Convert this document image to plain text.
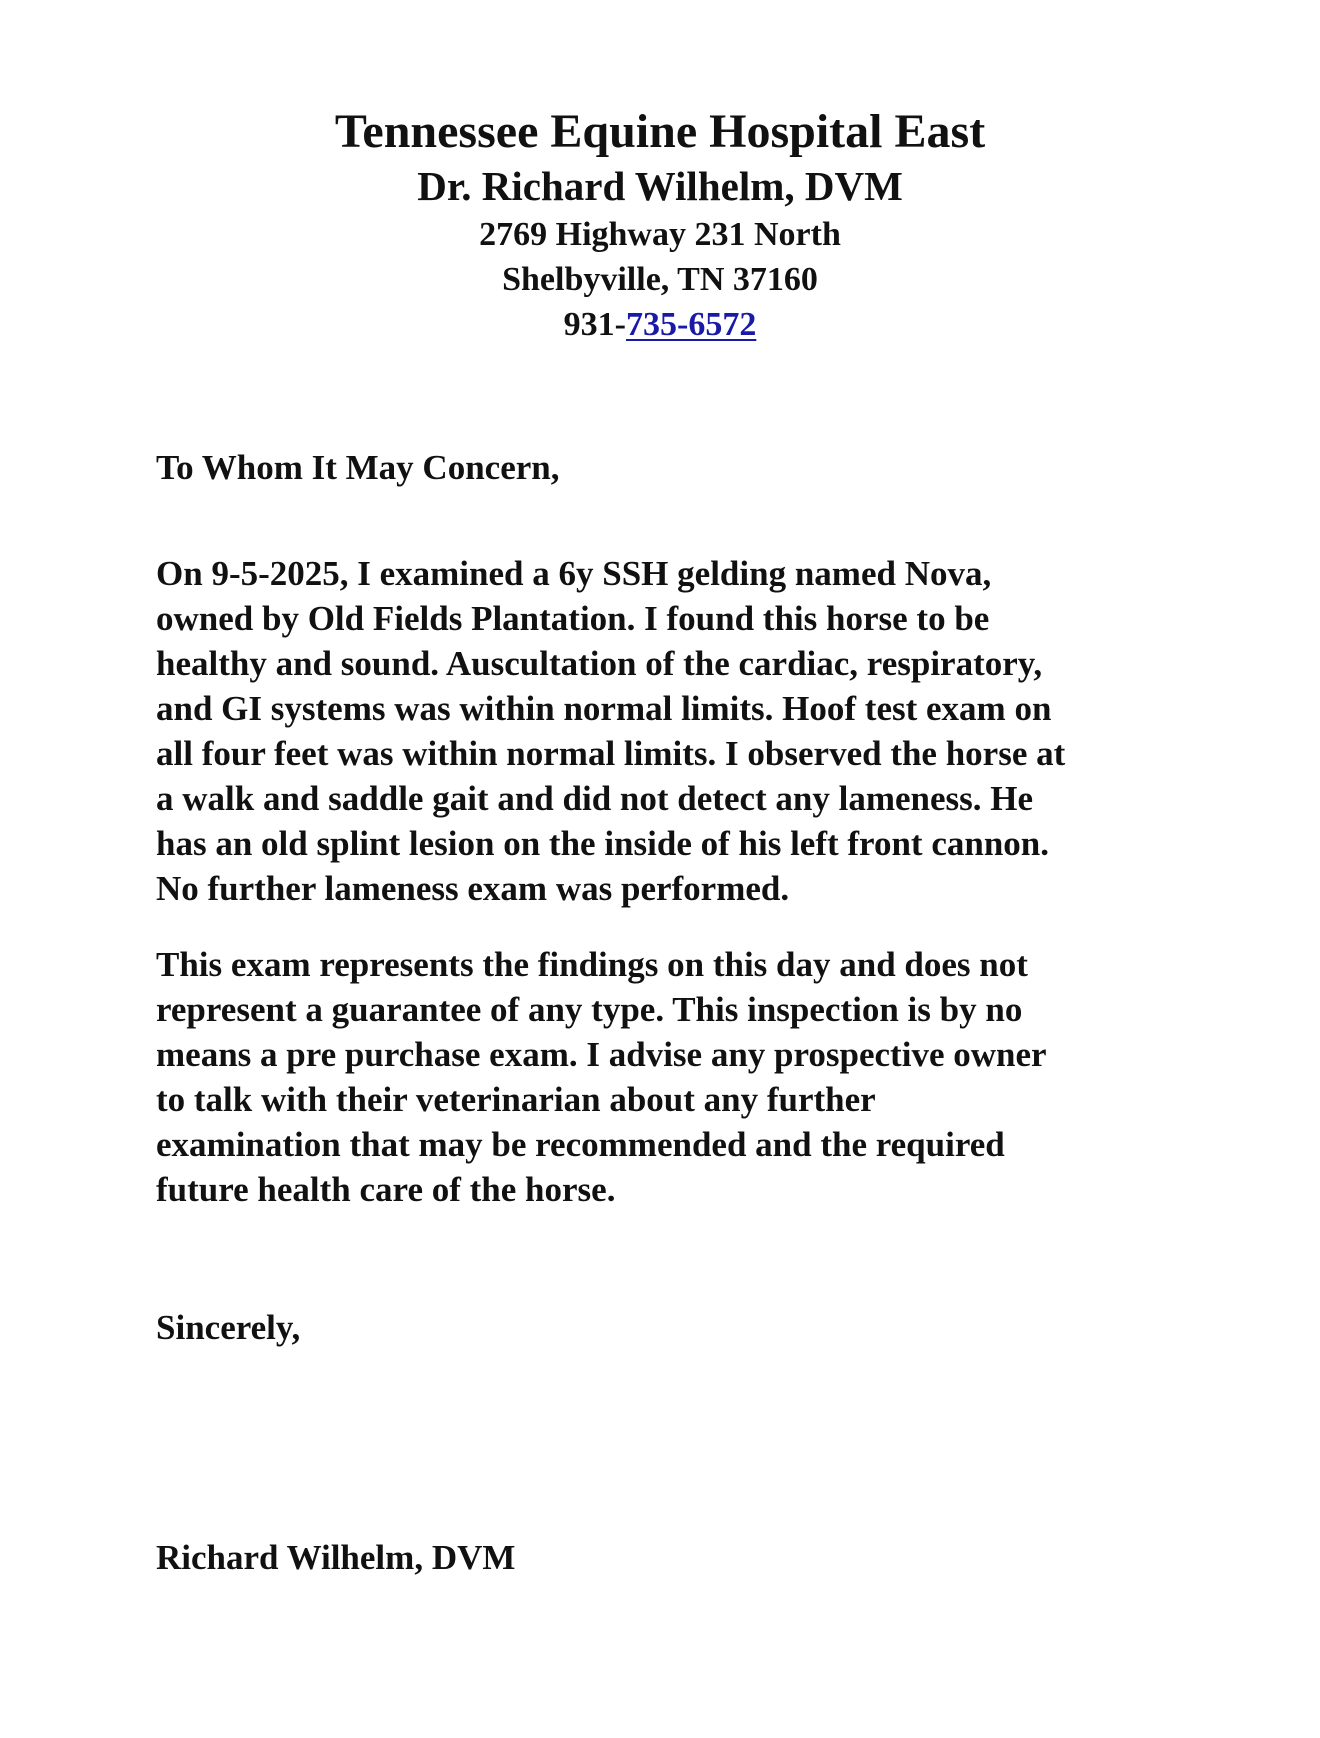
Tennessee Equine Hospital East
Dr. Richard Wilhelm, DVM
2769 Highway 231 North
Shelbyville, TN 37160
931-735-6572
To Whom It May Concern,
On 9-5-2025, I examined a 6y SSH gelding named Nova,
owned by Old Fields Plantation. I found this horse to be
healthy and sound. Auscultation of the cardiac, respiratory,
and GI systems was within normal limits. Hoof test exam on
all four feet was within normal limits. I observed the horse at
a walk and saddle gait and did not detect any lameness. He
has an old splint lesion on the inside of his left front cannon.
No further lameness exam was performed.
This exam represents the findings on this day and does not
represent a guarantee of any type. This inspection is by no
means a pre purchase exam. I advise any prospective owner
to talk with their veterinarian about any further
examination that may be recommended and the required
future health care of the horse.
Sincerely,
Richard Wilhelm, DVM
